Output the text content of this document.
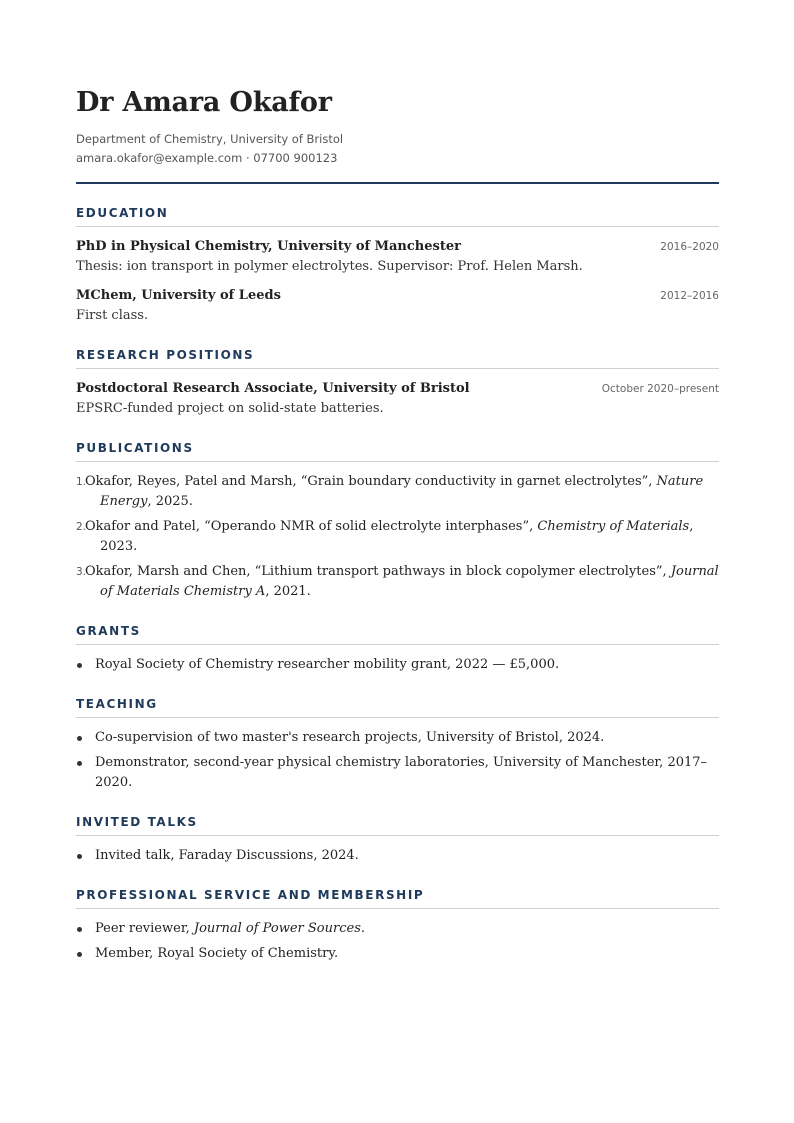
Dr Amara Okafor
Department of Chemistry, University of Bristol
amara.okafor@example.com · 07700 900123
EDUCATION
PhD in Physical Chemistry, University of Manchester	2016–2020
Thesis: ion transport in polymer electrolytes. Supervisor: Prof. Helen Marsh.
MChem, University of Leeds	2012–2016
First class.
RESEARCH POSITIONS
Postdoctoral Research Associate, University of Bristol	October 2020–present
EPSRC-funded project on solid-state batteries.
PUBLICATIONS
1.Okafor, Reyes, Patel and Marsh, “Grain boundary conductivity in garnet electrolytes”, Nature Energy, 2025.
2.Okafor and Patel, “Operando NMR of solid electrolyte interphases”, Chemistry of Materials, 2023.
3.Okafor, Marsh and Chen, “Lithium transport pathways in block copolymer electrolytes”, Journal of Materials Chemistry A, 2021.
GRANTS
Royal Society of Chemistry researcher mobility grant, 2022 — £5,000.
TEACHING
Co-supervision of two master's research projects, University of Bristol, 2024.
Demonstrator, second-year physical chemistry laboratories, University of Manchester, 2017–2020.
INVITED TALKS
Invited talk, Faraday Discussions, 2024.
PROFESSIONAL SERVICE AND MEMBERSHIP
Peer reviewer, Journal of Power Sources.
Member, Royal Society of Chemistry.
